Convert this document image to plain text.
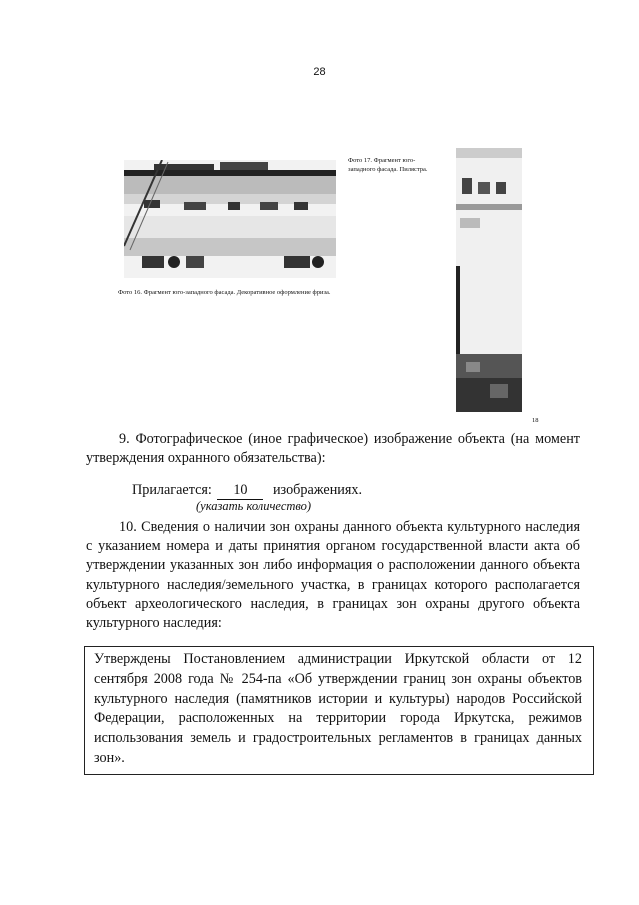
28
Фото 16. Фрагмент юго-западного фасада. Декоративное оформление фриза.
Фото 17. Фрагмент юго-западного фасада. Пилястра.
18
9. Фотографическое (иное графическое) изображение объекта (на момент утверждения охранного обязательства):
Прилагается: 10 изображениях.
(указать количество)
10. Сведения о наличии зон охраны данного объекта культурного наследия с указанием номера и даты принятия органом государственной власти акта об утверждении указанных зон либо информация о расположении данного объекта культурного наследия/земельного участка, в границах которого располагается объект археологического наследия, в границах зон охраны другого объекта культурного наследия:
Утверждены Постановлением администрации Иркутской области от 12 сентября 2008 года № 254-па «Об утверждении границ зон охраны объектов культурного наследия (памятников истории и культуры) народов Российской Федерации, расположенных на территории города Иркутска, режимов использования земель и градостроительных регламентов в границах данных зон».
